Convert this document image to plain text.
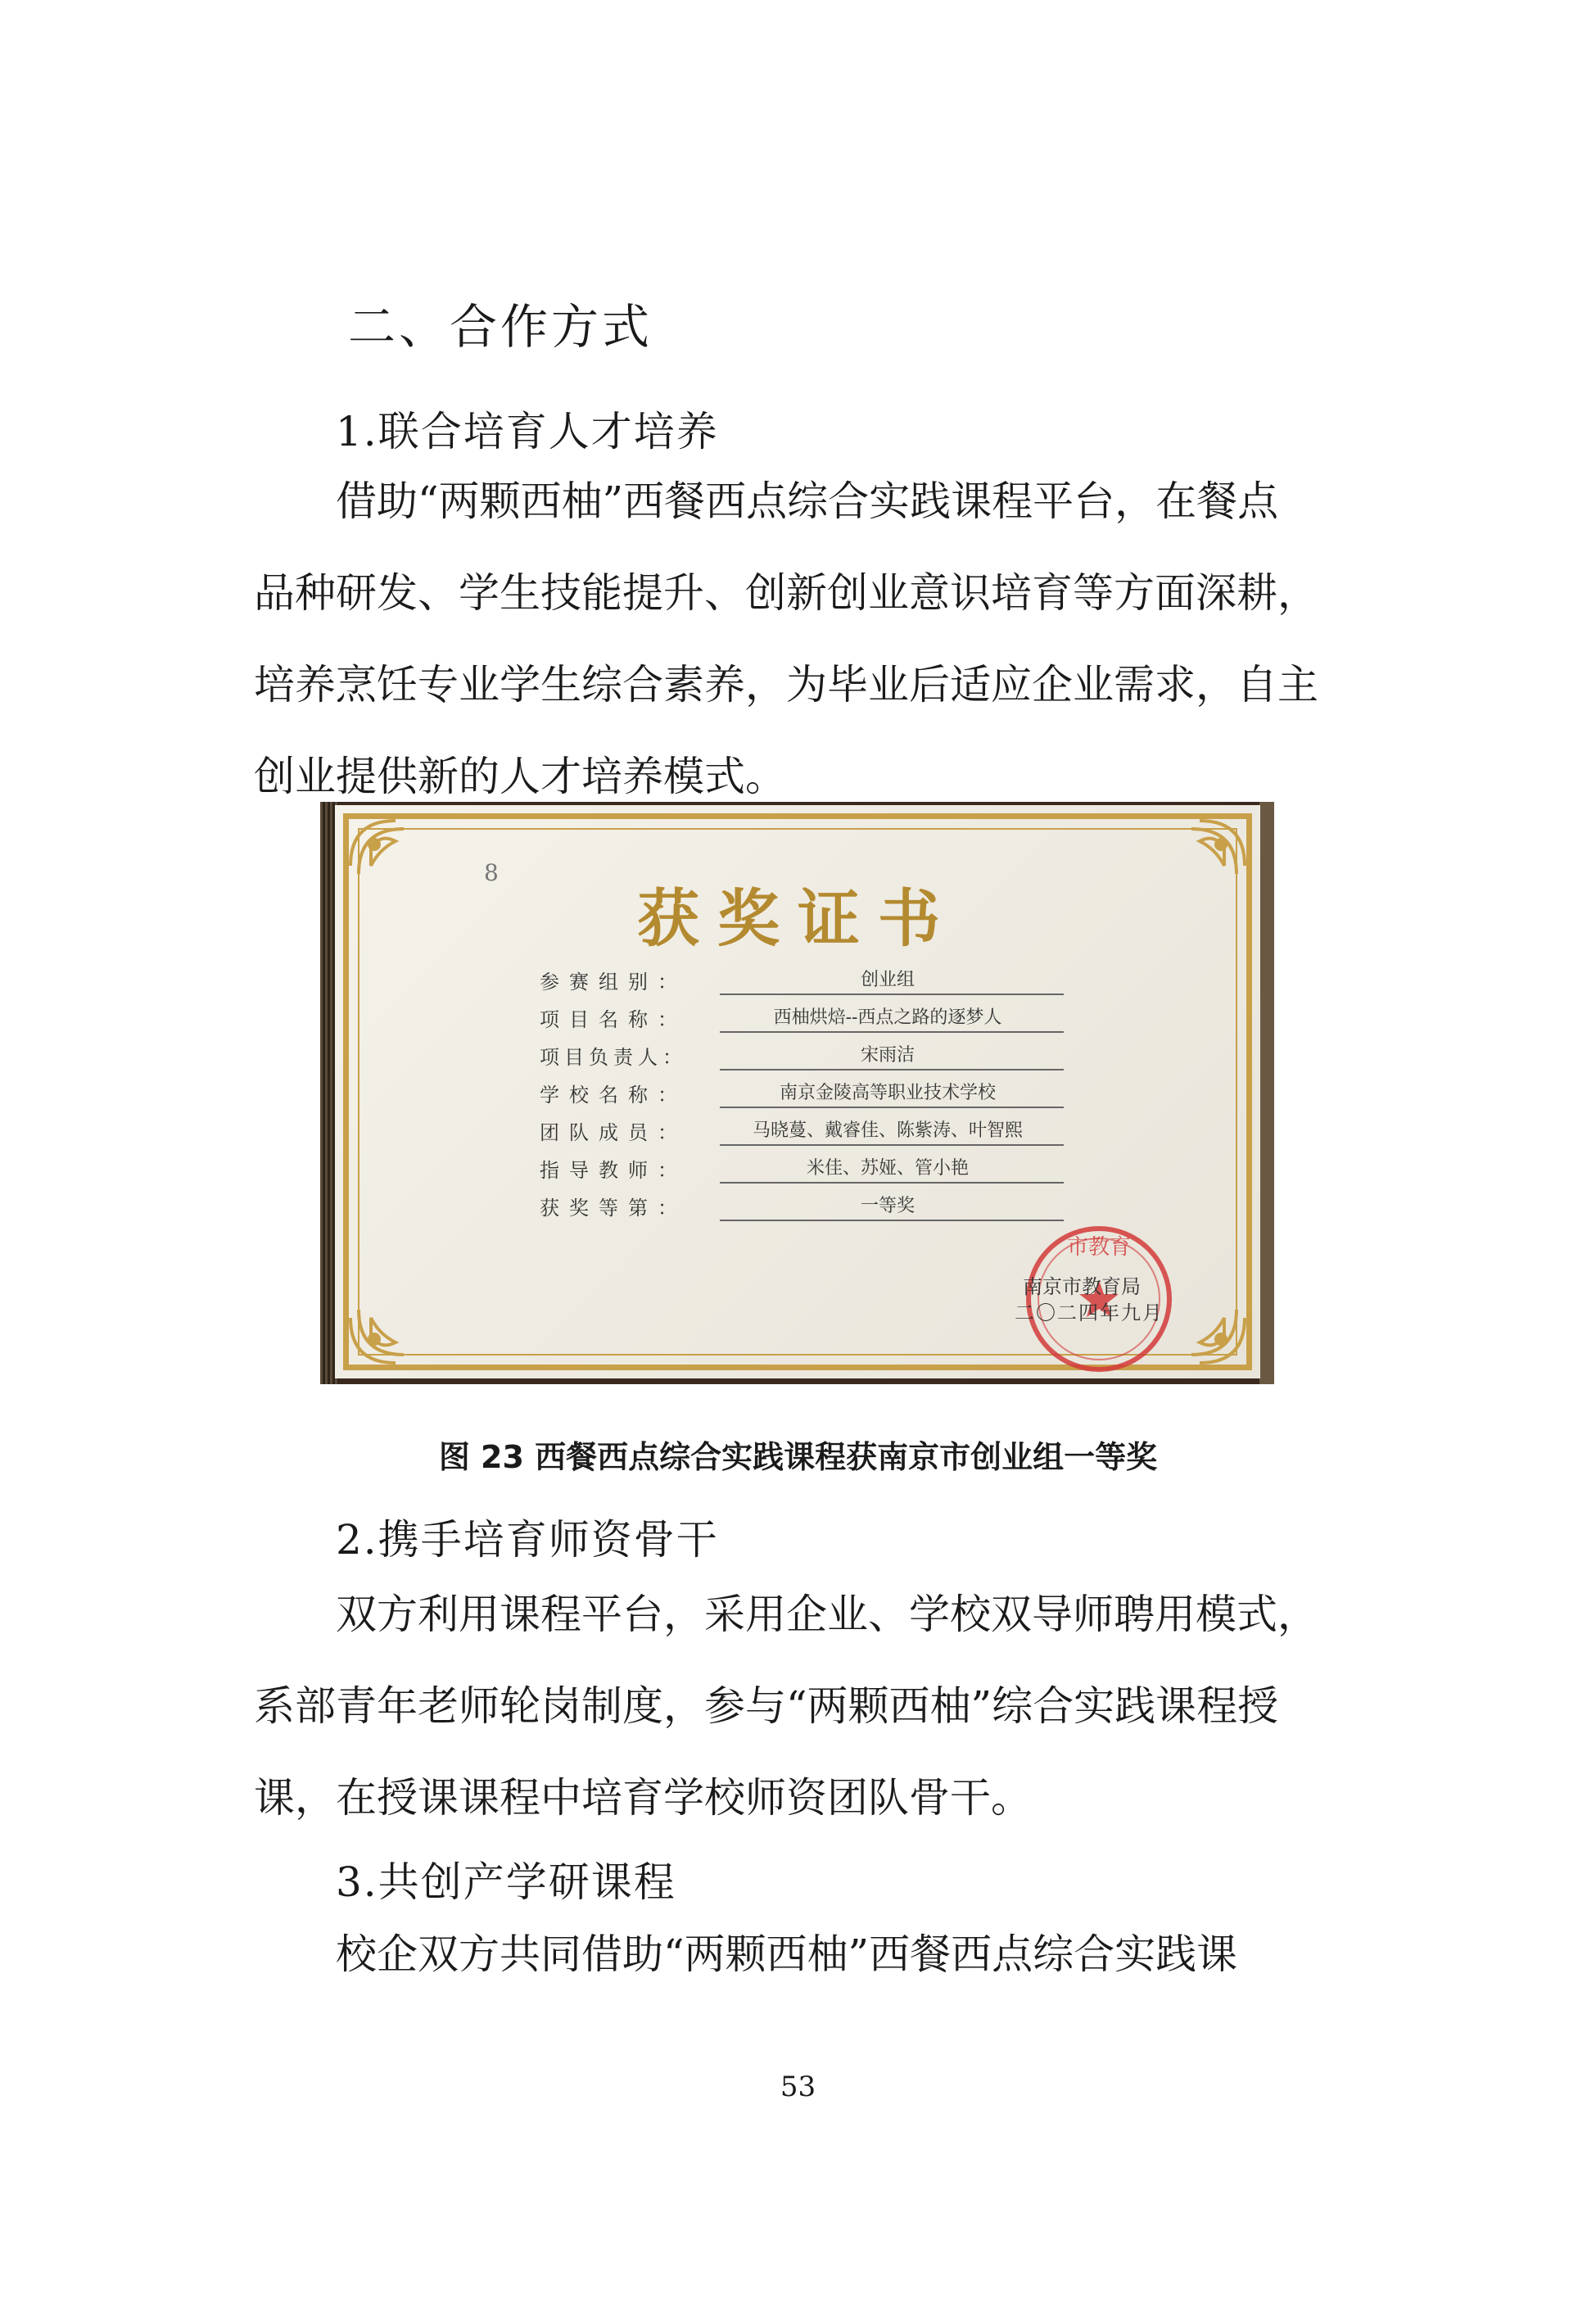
二、合作方式
1.联合培育人才培养
借助“两颗西柚”西餐西点综合实践课程平台，在餐点
品种研发、学生技能提升、创新创业意识培育等方面深耕，
培养烹饪专业学生综合素养，为毕业后适应企业需求，自主
创业提供新的人才培养模式。
8
获奖证书
参赛组别：	创业组
项目名称：	西柚烘焙--西点之路的逐梦人
项目负责人：	宋雨洁
学校名称：	南京金陵高等职业技术学校
团队成员：	马晓蔓、戴睿佳、陈紫涛、叶智熙
指导教师：	米佳、苏娅、管小艳
获奖等第：	一等奖
市教育
南京市教育局
二〇二四年九月
图 23 西餐西点综合实践课程获南京市创业组一等奖
2.携手培育师资骨干
双方利用课程平台，采用企业、学校双导师聘用模式，
系部青年老师轮岗制度，参与“两颗西柚”综合实践课程授
课，在授课课程中培育学校师资团队骨干。
3.共创产学研课程
校企双方共同借助“两颗西柚”西餐西点综合实践课
53
